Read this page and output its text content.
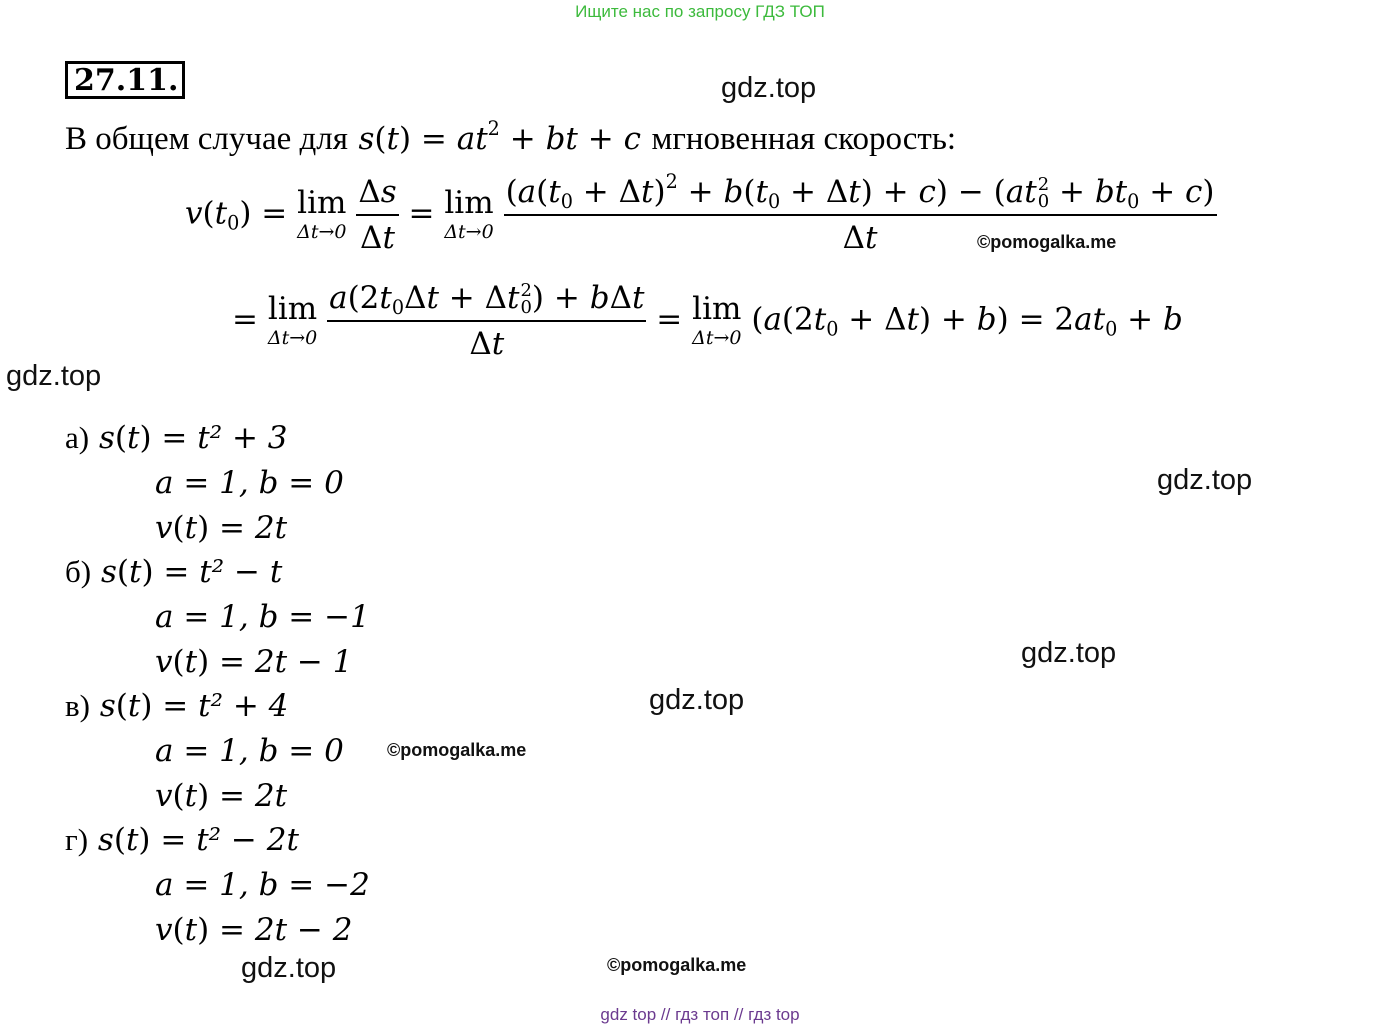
Ищите нас по запросу ГДЗ ТОП
27.11.	gdz.top
©pomogalka.me
gdz.top
gdz.top
gdz.top
gdz.top
©pomogalka.me
gdz.top	©pomogalka.me
В общем случае для $s(t) = at^2$ + bt + c мгновенная скорость:
$v(t_0) = \lim$
Δt→0
$\frac{\Delta s}{\Delta t} = \lim$
Δt→0
$(a(t_0 + \Delta t)^2 + b(t_0 + \Delta t) + c) - (at$ 2
$0 + bt_0 + c$)
Δt
= lim
Δt→0
$a(2t_0\Delta t + \Delta t$ 2
0 ) + bΔt
Δt = lim
Δt→0
$(a(2t_0 + \Delta t) + b) = 2at_0 + b$
а) s(t) = t² + 3
a = 1, b = 0
v(t) = 2t
б) s(t) = t² − t
a = 1, b = −1
v(t) = 2t − 1
в) s(t) = t² + 4
a = 1, b = 0
v(t) = 2t
г) s(t) = t² − 2t
a = 1, b = −2
v(t) = 2t − 2
gdz top // гдз топ // гдз top
